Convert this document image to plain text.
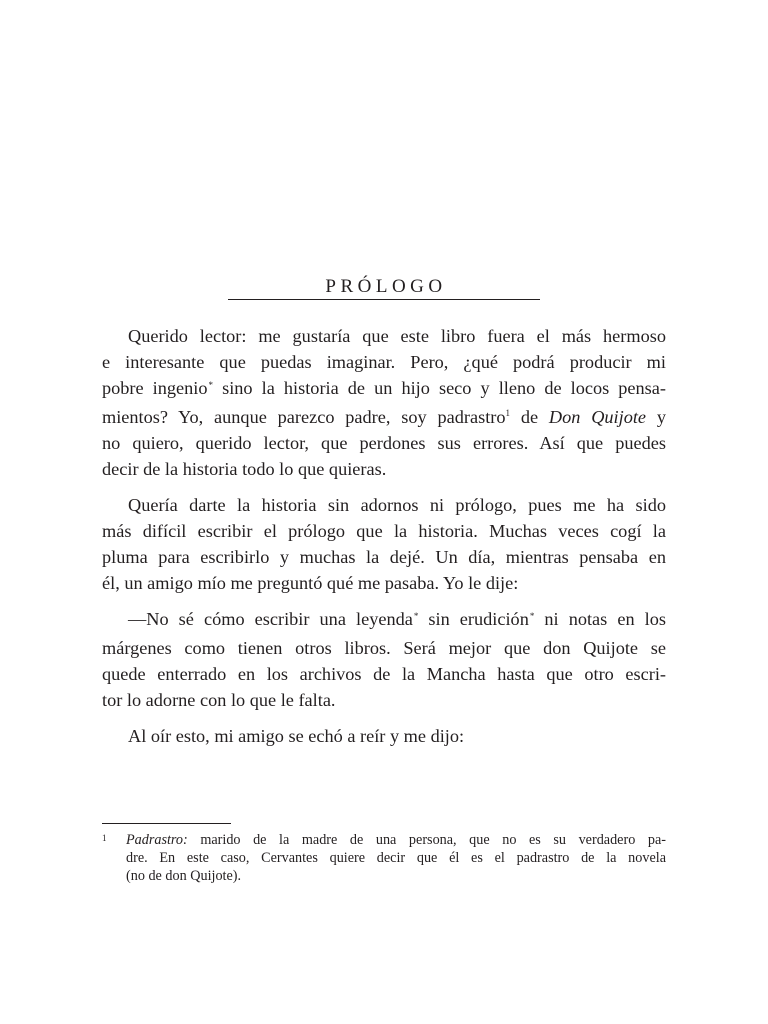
PRÓLOGO
Querido lector: me gustaría que este libro fuera el más hermoso
e interesante que puedas imaginar. Pero, ¿qué podrá producir mi
pobre ingenio* sino la historia de un hijo seco y lleno de locos pensa-
mientos? Yo, aunque parezco padre, soy padrastro$^1$ de Don Quijote y
no quiero, querido lector, que perdones sus errores. Así que puedes
decir de la historia todo lo que quieras.
Quería darte la historia sin adornos ni prólogo, pues me ha sido
más difícil escribir el prólogo que la historia. Muchas veces cogí la
pluma para escribirlo y muchas la dejé. Un día, mientras pensaba en
él, un amigo mío me preguntó qué me pasaba. Yo le dije:
—No sé cómo escribir una leyenda* sin erudición* ni notas en los
márgenes como tienen otros libros. Será mejor que don Quijote se
quede enterrado en los archivos de la Mancha hasta que otro escri-
tor lo adorne con lo que le falta.
Al oír esto, mi amigo se echó a reír y me dijo:
1 Padrastro: marido de la madre de una persona, que no es su verdadero pa-
dre. En este caso, Cervantes quiere decir que él es el padrastro de la novela
(no de don Quijote).
